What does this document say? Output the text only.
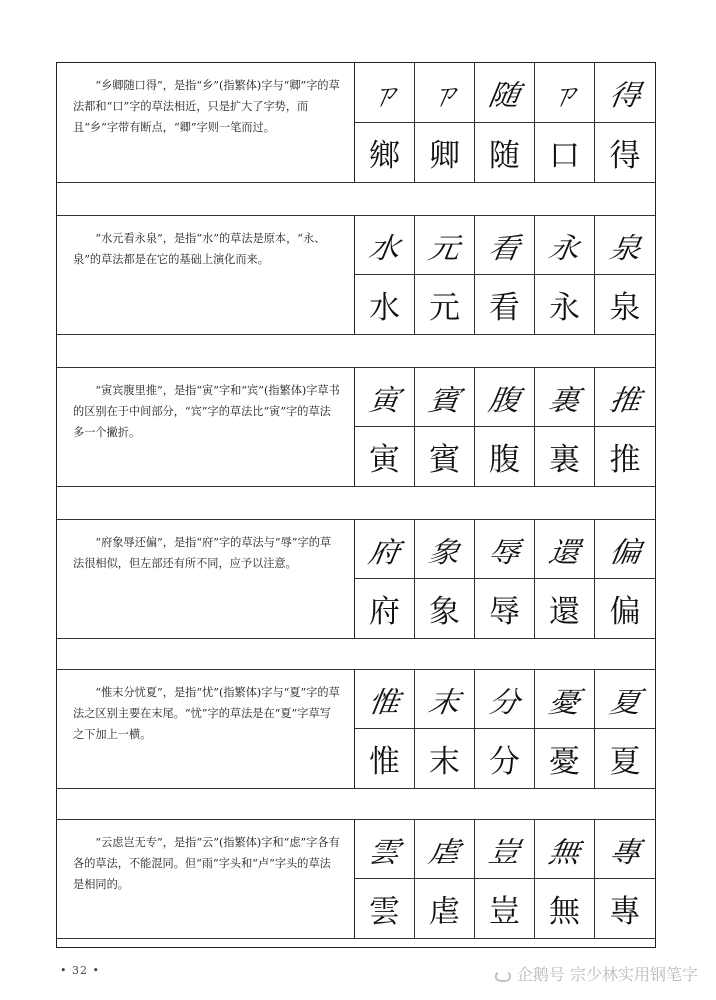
“乡卿随口得”，是指“乡”(指繁体)字与“卿”字的草法都和“口”字的草法相近，只是扩大了字势，而且“乡”字带有断点，“卿”字则一笔而过。
ㄗ ㄗ 随 ㄗ 得
鄉 卿 随 口 得
“水元看永泉”，是指“水”的草法是原本，“永、泉”的草法都是在它的基础上演化而来。	水 元 看 永 泉
水 元 看 永 泉
“寅宾腹里推”，是指“寅”字和“宾”(指繁体)字草书的区别在于中间部分，“宾”字的草法比“寅”字的草法多一个撇折。
寅 賓 腹 裏 推
寅 賓 腹 裏 推
“府象辱还偏”，是指“府”字的草法与“辱”字的草法很相似，但左部还有所不同，应予以注意。	府 象 辱 還 偏
府 象 辱 還 偏
“惟末分忧夏”，是指“忧”(指繁体)字与“夏”字的草法之区别主要在末尾。“忧”字的草法是在“夏”字草写之下加上一横。
惟 末 分 憂 夏
惟 末 分 憂 夏
“云虑岂无专”，是指“云”(指繁体)字和“虑”字各有各的草法，不能混同。但“雨”字头和“卢”字头的草法是相同的。
雲 虐 豈 無 專
雲 虐 豈 無 專
• 32 •	企鹅号 宗少林实用钢笔字
